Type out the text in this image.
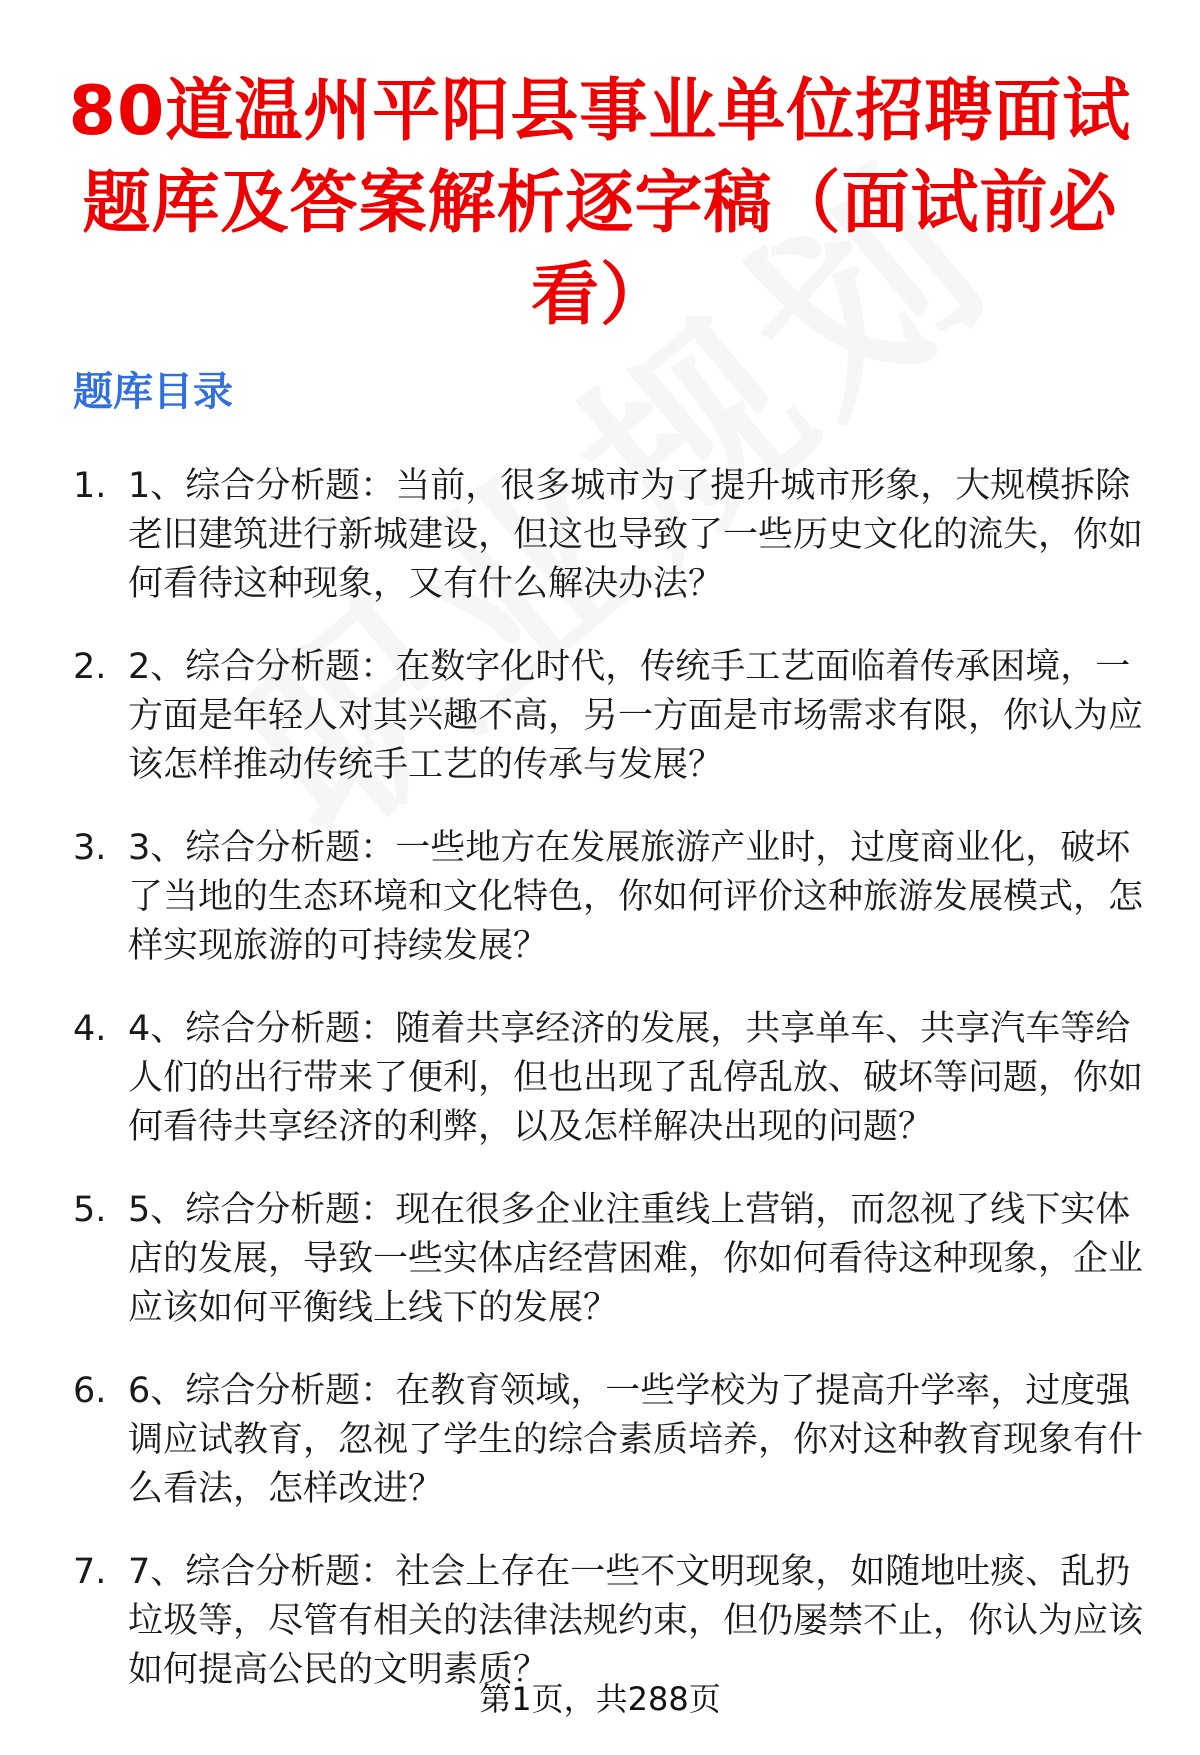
80道温州平阳县事业单位招聘面试题库及答案解析逐字稿（面试前必看）
题库目录
1. 1、综合分析题：当前，很多城市为了提升城市形象，大规模拆除老旧建筑进行新城建设，但这也导致了一些历史文化的流失，你如何看待这种现象，又有什么解决办法？
2. 2、综合分析题：在数字化时代，传统手工艺面临着传承困境，一方面是年轻人对其兴趣不高，另一方面是市场需求有限，你认为应该怎样推动传统手工艺的传承与发展？
3. 3、综合分析题：一些地方在发展旅游产业时，过度商业化，破坏了当地的生态环境和文化特色，你如何评价这种旅游发展模式，怎样实现旅游的可持续发展？
4. 4、综合分析题：随着共享经济的发展，共享单车、共享汽车等给人们的出行带来了便利，但也出现了乱停乱放、破坏等问题，你如何看待共享经济的利弊，以及怎样解决出现的问题？
5. 5、综合分析题：现在很多企业注重线上营销，而忽视了线下实体店的发展，导致一些实体店经营困难，你如何看待这种现象，企业应该如何平衡线上线下的发展？
6. 6、综合分析题：在教育领域，一些学校为了提高升学率，过度强调应试教育，忽视了学生的综合素质培养，你对这种教育现象有什么看法，怎样改进？
7. 7、综合分析题：社会上存在一些不文明现象，如随地吐痰、乱扔垃圾等，尽管有相关的法律法规约束，但仍屡禁不止，你认为应该如何提高公民的文明素质？
第1页，共288页
